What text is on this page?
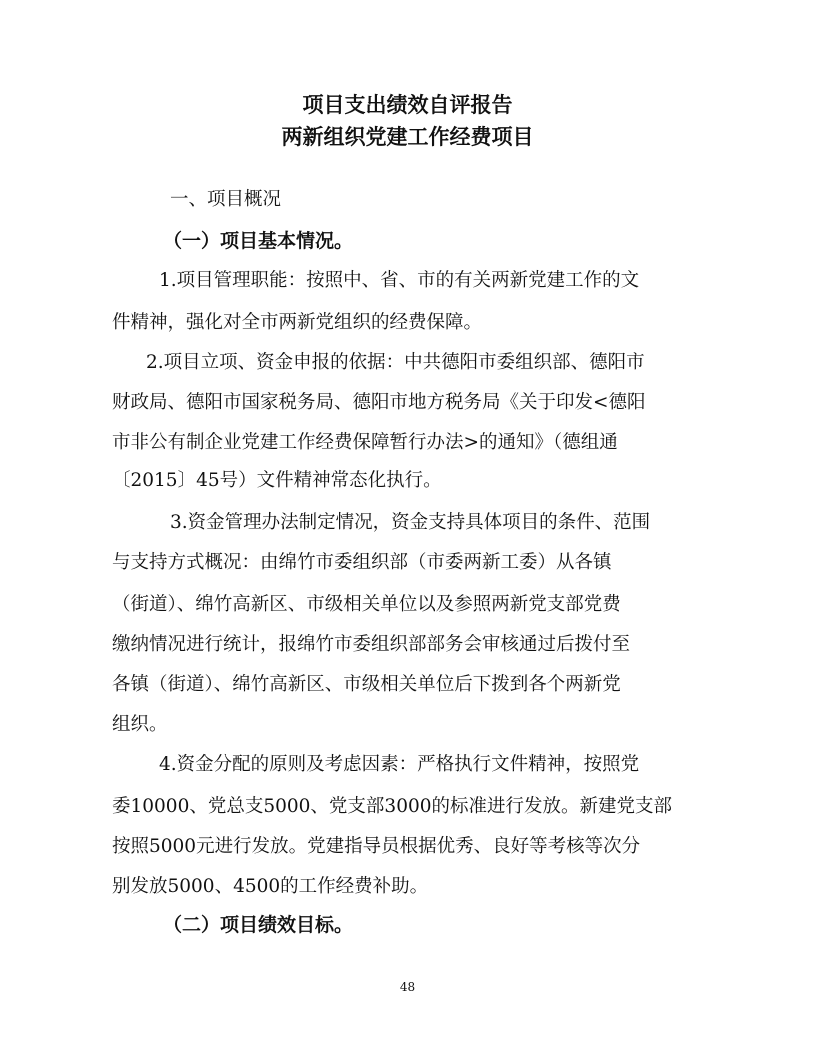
项目支出绩效自评报告
两新组织党建工作经费项目
一、项目概况
（一）项目基本情况。
1.项目管理职能：按照中、省、市的有关两新党建工作的文
件精神，强化对全市两新党组织的经费保障。
2.项目立项、资金申报的依据：中共德阳市委组织部、德阳市
财政局、德阳市国家税务局、德阳市地方税务局《关于印发<德阳
市非公有制企业党建工作经费保障暂行办法>的通知》（德组通
〔2015〕45号）文件精神常态化执行。
3.资金管理办法制定情况，资金支持具体项目的条件、范围
与支持方式概况：由绵竹市委组织部（市委两新工委）从各镇
（街道）、绵竹高新区、市级相关单位以及参照两新党支部党费
缴纳情况进行统计，报绵竹市委组织部部务会审核通过后拨付至
各镇（街道）、绵竹高新区、市级相关单位后下拨到各个两新党
组织。
4.资金分配的原则及考虑因素：严格执行文件精神，按照党
委10000、党总支5000、党支部3000的标准进行发放。新建党支部
按照5000元进行发放。党建指导员根据优秀、良好等考核等次分
别发放5000、4500的工作经费补助。
（二）项目绩效目标。
48
